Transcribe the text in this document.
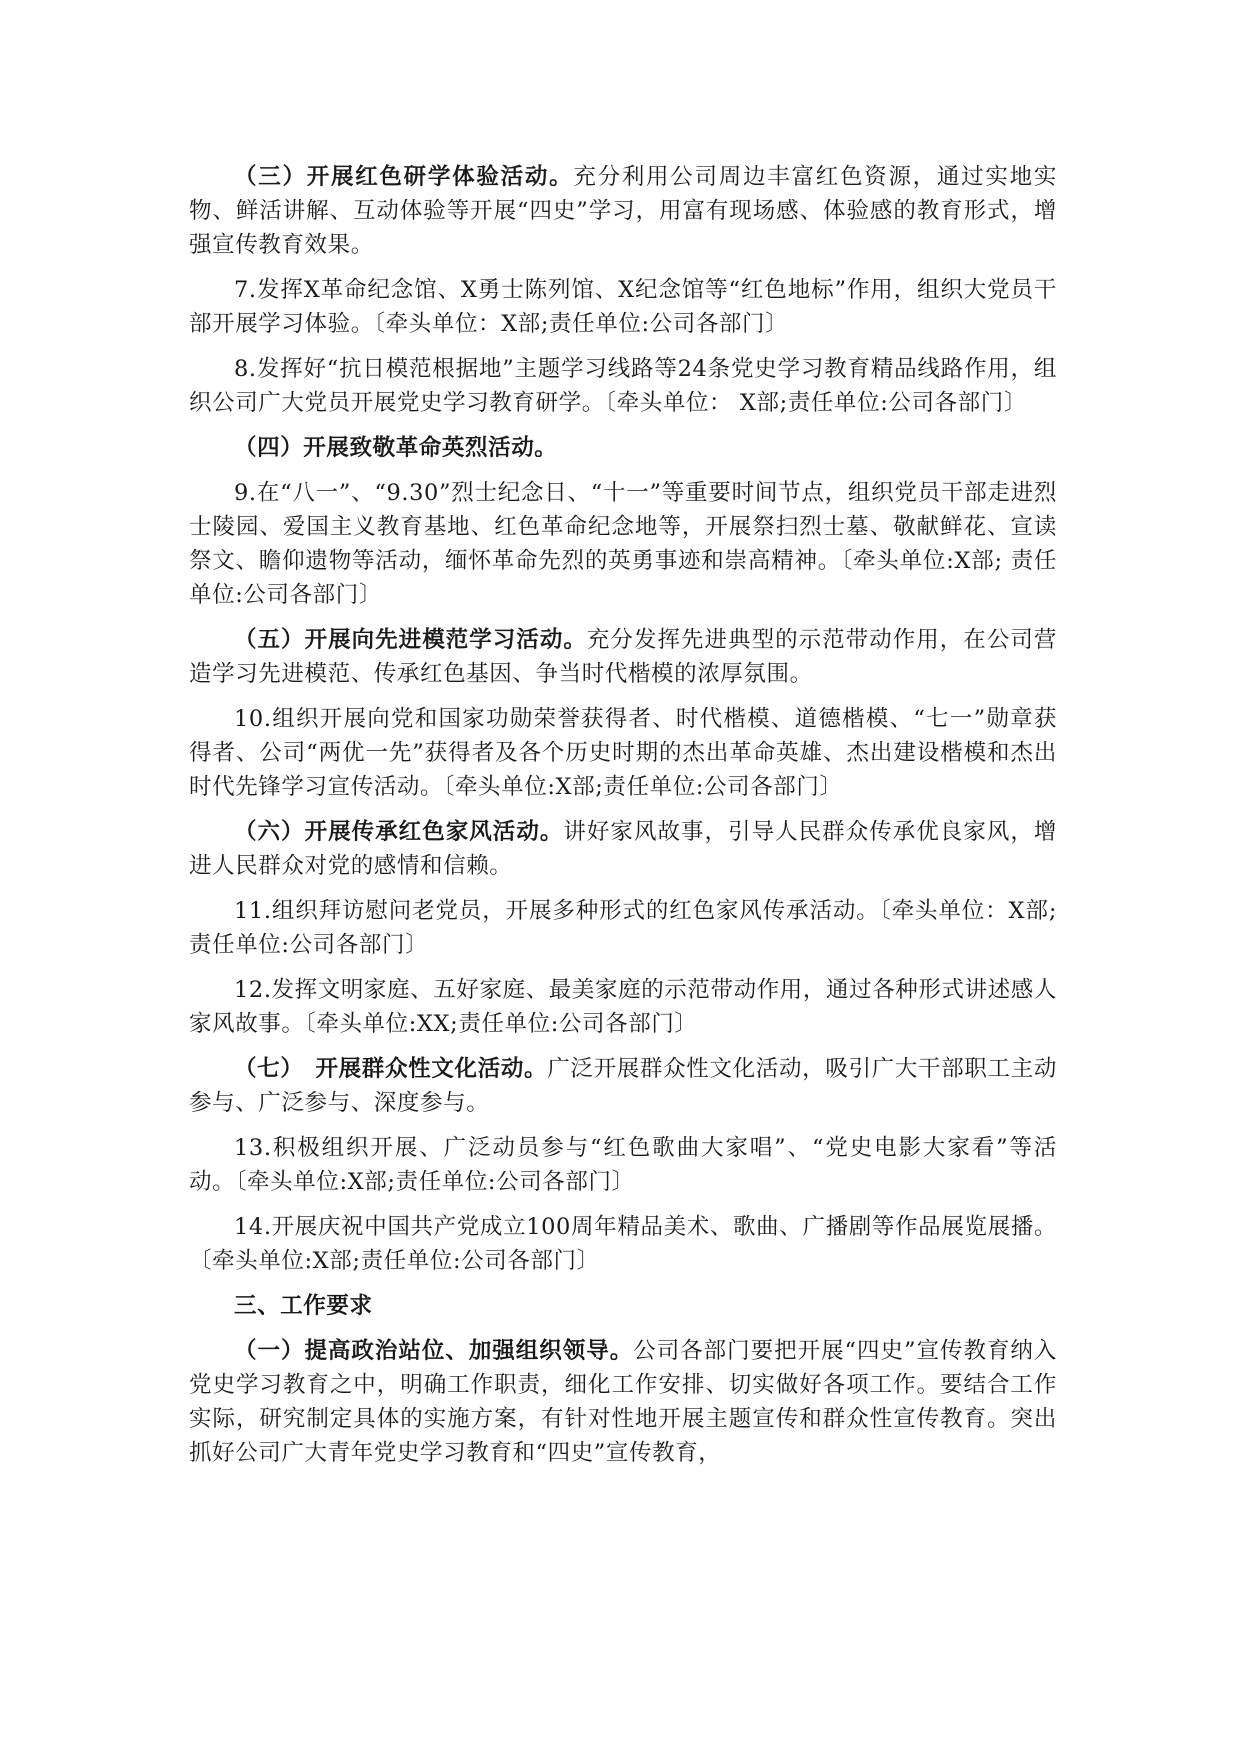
（三）开展红色研学体验活动。充分利用公司周边丰富红色资源，通过实地实物、鲜活讲解、互动体验等开展“四史”学习，用富有现场感、体验感的教育形式，增强宣传教育效果。

7.发挥X革命纪念馆、X勇士陈列馆、X纪念馆等“红色地标”作用，组织大党员干部开展学习体验。〔牵头单位：X部;责任单位:公司各部门〕

8.发挥好“抗日模范根据地”主题学习线路等24条党史学习教育精品线路作用，组织公司广大党员开展党史学习教育研学。〔牵头单位： X部;责任单位:公司各部门〕

（四）开展致敬革命英烈活动。

9.在“八一”、“9.30”烈士纪念日、“十一”等重要时间节点，组织党员干部走进烈士陵园、爱国主义教育基地、红色革命纪念地等，开展祭扫烈士墓、敬献鲜花、宣读祭文、瞻仰遗物等活动，缅怀革命先烈的英勇事迹和崇高精神。〔牵头单位:X部; 责任单位:公司各部门〕

（五）开展向先进模范学习活动。充分发挥先进典型的示范带动作用，在公司营造学习先进模范、传承红色基因、争当时代楷模的浓厚氛围。

10.组织开展向党和国家功勋荣誉获得者、时代楷模、道德楷模、“七一”勋章获得者、公司“两优一先”获得者及各个历史时期的杰出革命英雄、杰出建设楷模和杰出时代先锋学习宣传活动。〔牵头单位:X部;责任单位:公司各部门〕

（六）开展传承红色家风活动。讲好家风故事，引导人民群众传承优良家风，增进人民群众对党的感情和信赖。

11.组织拜访慰问老党员，开展多种形式的红色家风传承活动。〔牵头单位：X部;责任单位:公司各部门〕

12.发挥文明家庭、五好家庭、最美家庭的示范带动作用，通过各种形式讲述感人家风故事。〔牵头单位:XX;责任单位:公司各部门〕

（七）　开展群众性文化活动。广泛开展群众性文化活动，吸引广大干部职工主动参与、广泛参与、深度参与。

13.积极组织开展、广泛动员参与“红色歌曲大家唱”、“党史电影大家看”等活动。〔牵头单位:X部;责任单位:公司各部门〕

14.开展庆祝中国共产党成立100周年精品美术、歌曲、广播剧等作品展览展播。〔牵头单位:X部;责任单位:公司各部门〕

三、工作要求

（一）提高政治站位、加强组织领导。公司各部门要把开展“四史”宣传教育纳入党史学习教育之中，明确工作职责，细化工作安排、切实做好各项工作。要结合工作实际，研究制定具体的实施方案，有针对性地开展主题宣传和群众性宣传教育。突出抓好公司广大青年党史学习教育和“四史”宣传教育，
